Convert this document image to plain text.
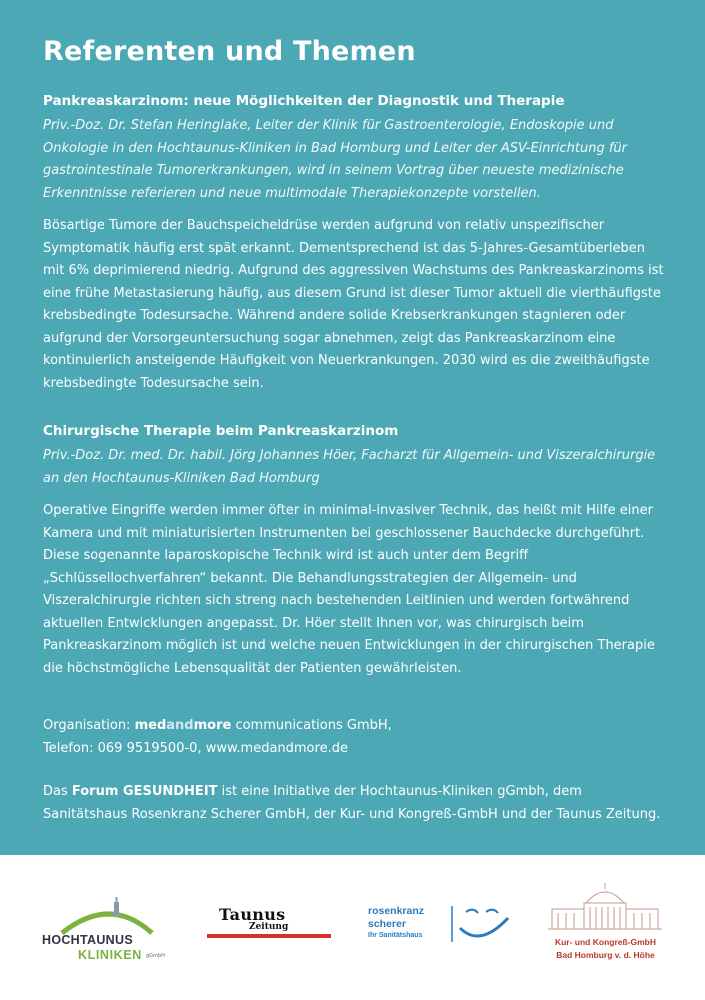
Referenten und Themen

Pankreaskarzinom: neue Möglichkeiten der Diagnostik und Therapie

Priv.-Doz. Dr. Stefan Heringlake, Leiter der Klinik für Gastroenterologie, Endoskopie und Onkologie in den Hochtaunus-Kliniken in Bad Homburg und Leiter der ASV-Einrichtung für gastrointestinale Tumorerkrankungen, wird in seinem Vortrag über neueste medizinische Erkenntnisse referieren und neue multimodale Therapiekonzepte vorstellen.

Bösartige Tumore der Bauchspeicheldrüse werden aufgrund von relativ unspezifischer Symptomatik häufig erst spät erkannt. Dementsprechend ist das 5-Jahres-Gesamtüberleben mit 6% deprimierend niedrig. Aufgrund des aggressiven Wachstums des Pankreaskarzinoms ist eine frühe Metastasierung häufig, aus diesem Grund ist dieser Tumor aktuell die vierthäufigste krebsbedingte Todesursache. Während andere solide Krebserkrankungen stagnieren oder aufgrund der Vorsorgeuntersuchung sogar abnehmen, zeigt das Pankreaskarzinom eine kontinuierlich ansteigende Häufigkeit von Neuerkrankungen. 2030 wird es die zweithäufigste krebsbedingte Todesursache sein.

Chirurgische Therapie beim Pankreaskarzinom

Priv.-Doz. Dr. med. Dr. habil. Jörg Johannes Höer, Facharzt für Allgemein- und Viszeralchirurgie an den Hochtaunus-Kliniken Bad Homburg

Operative Eingriffe werden immer öfter in minimal-invasiver Technik, das heißt mit Hilfe einer Kamera und mit miniaturisierten Instrumenten bei geschlossener Bauchdecke durchgeführt. Diese sogenannte laparoskopische Technik wird ist auch unter dem Begriff „Schlüssellochverfahren“ bekannt. Die Behandlungsstrategien der Allgemein- und Viszeralchirurgie richten sich streng nach bestehenden Leitlinien und werden fortwährend aktuellen Entwicklungen angepasst. Dr. Höer stellt Ihnen vor, was chirurgisch beim Pankreaskarzinom möglich ist und welche neuen Entwicklungen in der chirurgischen Therapie die höchstmögliche Lebensqualität der Patienten gewährleisten.

Organisation: medandmore communications GmbH,
Telefon: 069 9519500-0, www.medandmore.de
Das Forum GESUNDHEIT ist eine Initiative der Hochtaunus-Kliniken gGmbh, dem Sanitätshaus Rosenkranz Scherer GmbH, der Kur- und Kongreß-GmbH und der Taunus Zeitung.
HOCHTAUNUS
KLINIKEN gGmbH
Taunus
Zeitung
rosenkranz
scherer
Ihr Sanitätshaus
Kur- und Kongreß-GmbH
Bad Homburg v. d. Höhe
